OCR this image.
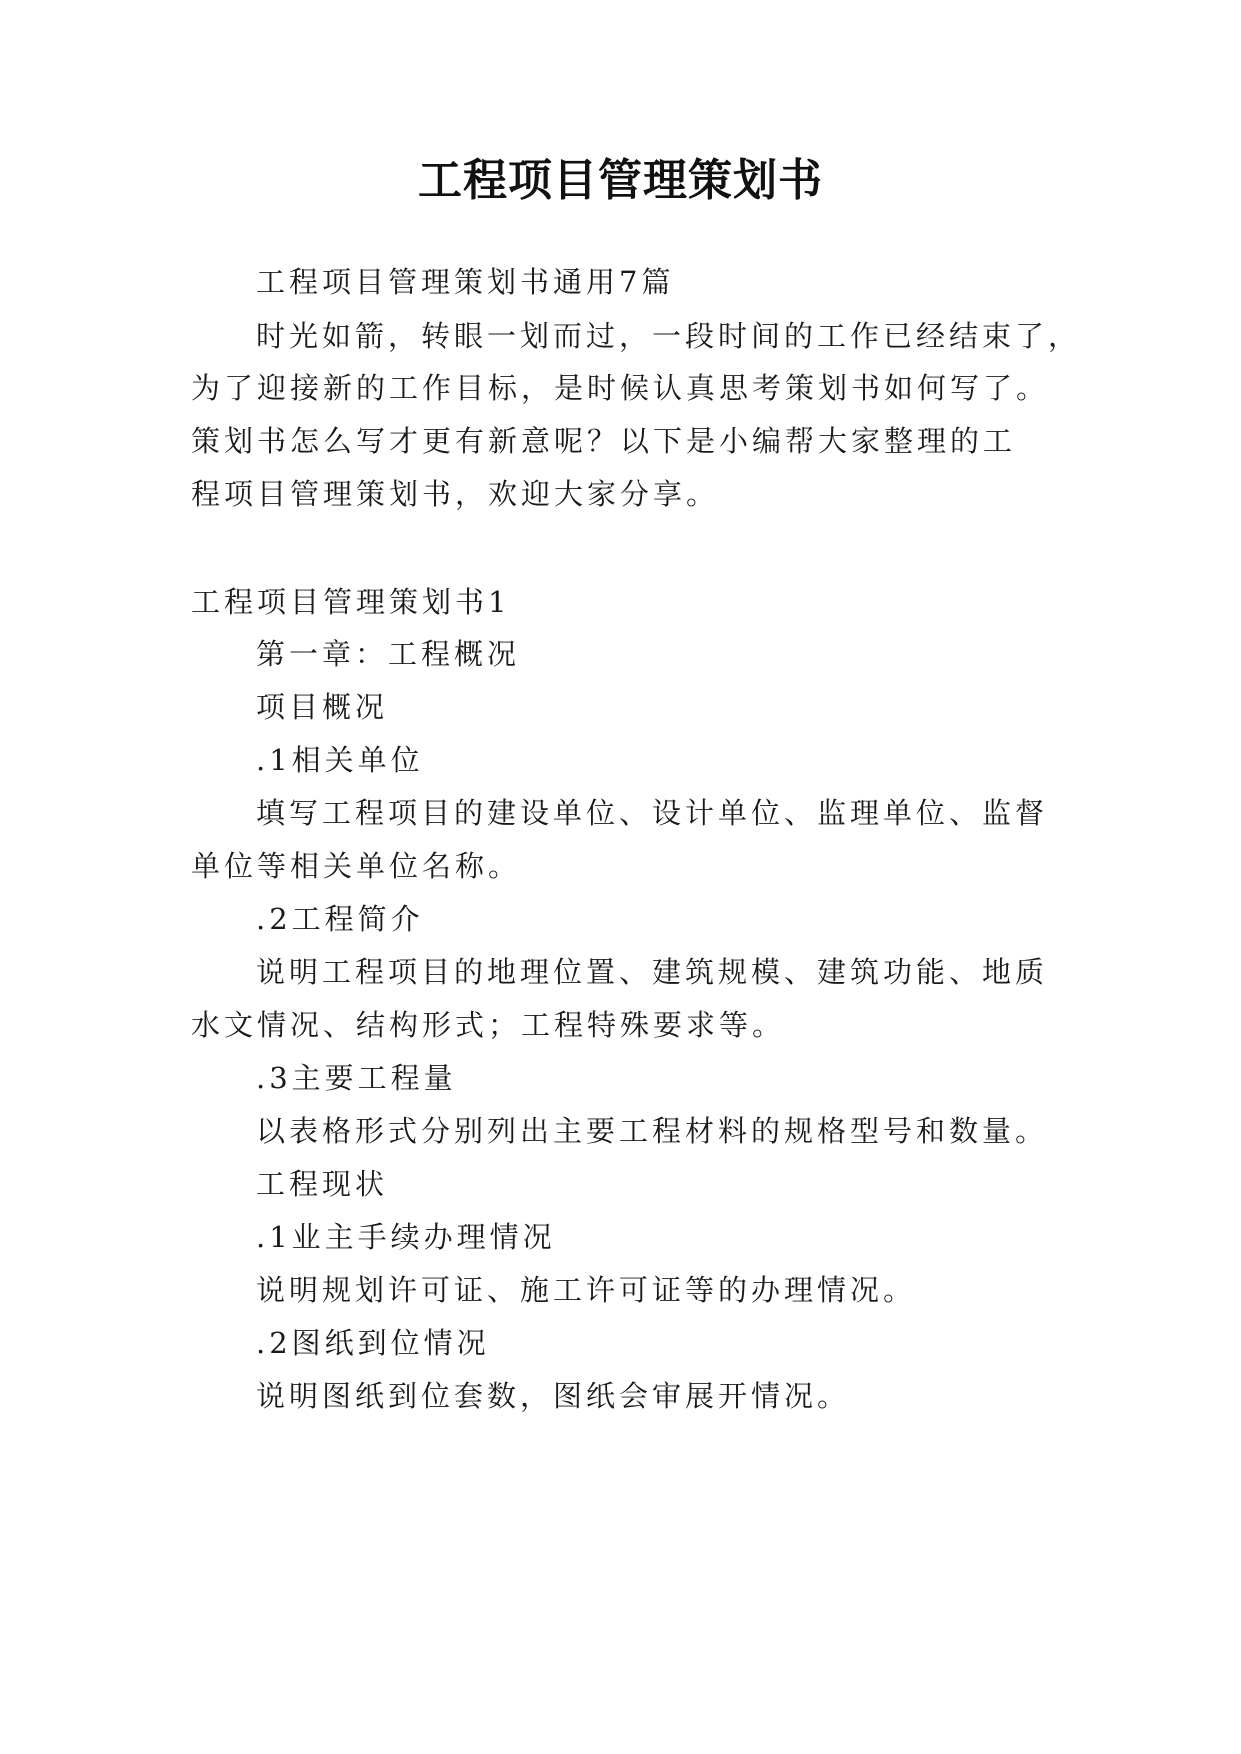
工程项目管理策划书
工程项目管理策划书通用7篇
时光如箭，转眼一划而过，一段时间的工作已经结束了，
为了迎接新的工作目标，是时候认真思考策划书如何写了。
策划书怎么写才更有新意呢？以下是小编帮大家整理的工
程项目管理策划书，欢迎大家分享。
工程项目管理策划书1
第一章：工程概况
项目概况
.1相关单位
填写工程项目的建设单位、设计单位、监理单位、监督
单位等相关单位名称。
.2工程简介
说明工程项目的地理位置、建筑规模、建筑功能、地质
水文情况、结构形式；工程特殊要求等。
.3主要工程量
以表格形式分别列出主要工程材料的规格型号和数量。
工程现状
.1业主手续办理情况
说明规划许可证、施工许可证等的办理情况。
.2图纸到位情况
说明图纸到位套数，图纸会审展开情况。
